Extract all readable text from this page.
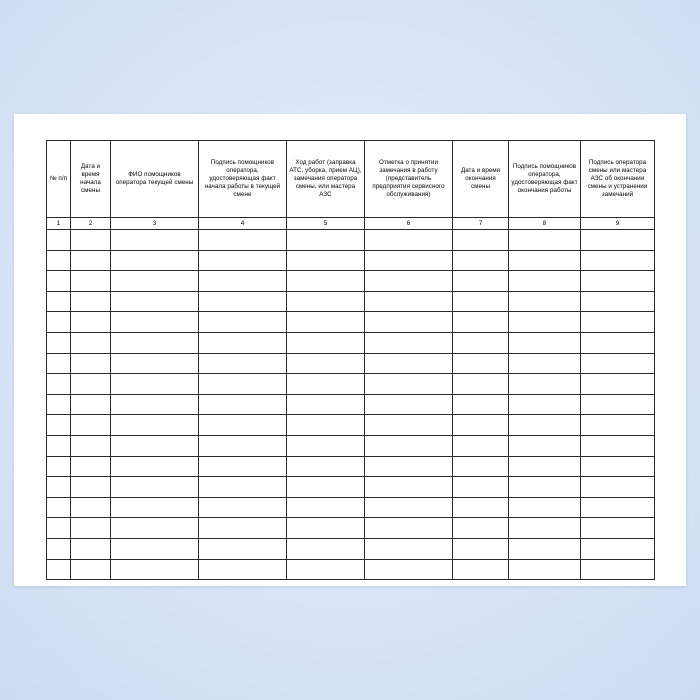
№ п/п	Дата и время начала смены	ФИО помощников оператора текущей смены	Подпись помощников оператора, удостоверяющая факт начала работы в текущей смене	Ход работ (заправка АТС, уборка, прием АЦ), замечания оператора смены, или мастера АЗС	Отметка о принятии замечания в работу (представитель предприятия сервисного обслуживания)	Дата и время окончания смены	Подпись помощников оператора, удостоверяющая факт окончания работы	Подпись оператора смены или мастера АЗС об окончании смены и устранении замечаний
1	2	3	4	5	6	7	8	9
